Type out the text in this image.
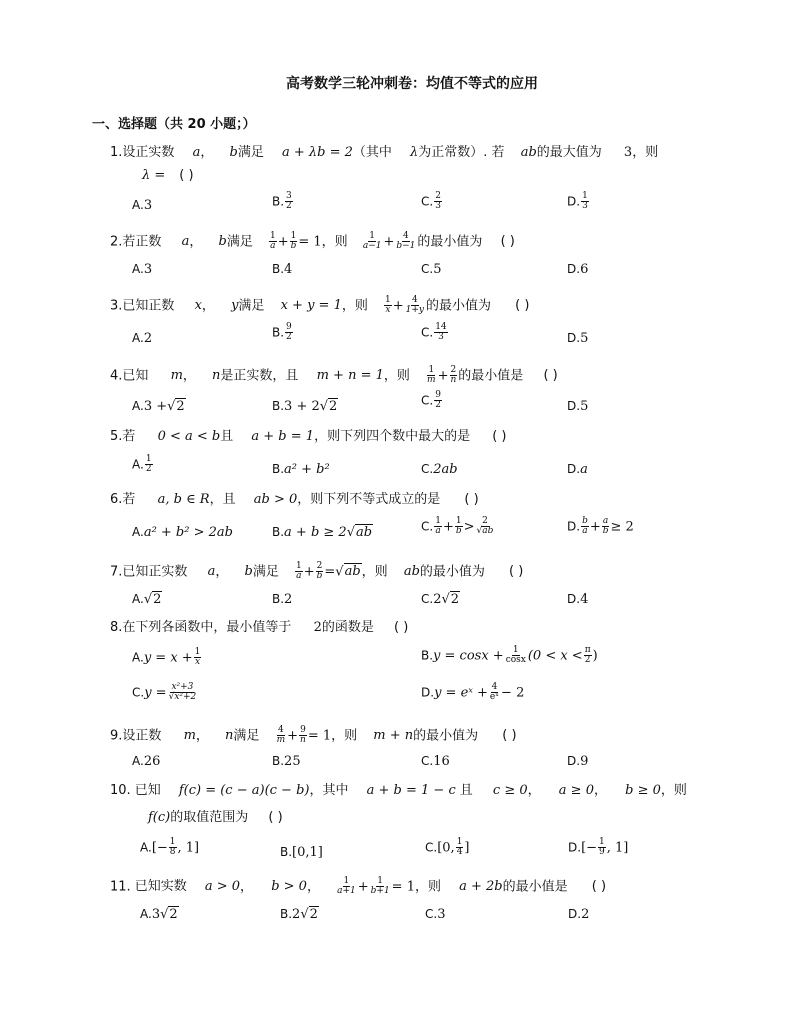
高考数学三轮冲刺卷：均值不等式的应用
一、选择题（共 20 小题；）
1.设正实数 a， b满足 a + λb = 2（其中 λ为正常数）. 若 ab的最大值为 3，则
λ = ( )
A.3	B. $\frac{3}{2}$	C. $\frac{2}{3}$	D. $\frac{1}{3}$
2.若正数 a， b满足 $\frac{1}{a} + \frac{1}{b} = 1$，则 $\frac{1}{a-1} + \frac{4}{b-1}$ 的最小值为 ( )
A.3	B.4	C.5	D.6
3.已知正数 x， y满足 x + y = 1，则 $\frac{1}{x} + \frac{4}{1+y}$ 的最小值为 ( )
A.2	B. $\frac{9}{2}$	C. $\frac{14}{3}$	D.5
4.已知 m， n是正实数，且 m + n = 1，则 $\frac{1}{m} + \frac{2}{n}$ 的最小值是 ( )
A.3 +√2	B.3 + 2√2	C. $\frac{9}{2}$	D.5
5.若 0 < a < b且 a + b = 1，则下列四个数中最大的是 ( )
A. $\frac{1}{2}$	B.a² + b²	C.2ab	D.a
6.若 a, b ∈ R，且 ab > 0，则下列不等式成立的是 ( )
A.a² + b² > 2ab	B.a + b ≥ 2√ab	C. $\frac{1}{a} + \frac{1}{b} > \frac{2}{√ab}$	D. $\frac{b}{a} + \frac{a}{b} \ge 2$
7.已知正实数 a， b满足 $\frac{1}{a} + \frac{2}{b} =√ab$，则 ab的最小值为 ( )
A.√2	B.2	C.2√2	D.4
8.在下列各函数中，最小值等于 2的函数是 ( )
$A.y = x + \frac{1}{x}$	$B.y = \cos x + \frac{1}{\cos x} (0 < x < \frac{\pi}{2}$ )
$C.y = \frac{\text{x²+3}}{\text{√x²+2}}$	D.y = eˣ + $\frac{4}{\text{eˣ}} - 2$
9.设正数 m， n满足 $\frac{4}{m} + \frac{9}{n} = 1$，则 m + n的最小值为 ( )
A.26	B.25	C.16	D.9
10. 已知 f(c) = (c − a)(c − b)，其中 a + b = 1 − c 且 c ≥ 0， a ≥ 0， b ≥ 0，则
f(c)的取值范围为 ( )
$A.[- \frac{1}{8}$ , 1]	B.[0,1]	C.[0, $\frac{1}{4}$ ]	$D.[- \frac{1}{9}$ , 1]
11. 已知实数 a > 0， b > 0， $\frac{1}{a+1} + \frac{1}{b+1} = 1$，则 a + 2b的最小值是 ( )
A.3√2	B.2√2	C.3	D.2
